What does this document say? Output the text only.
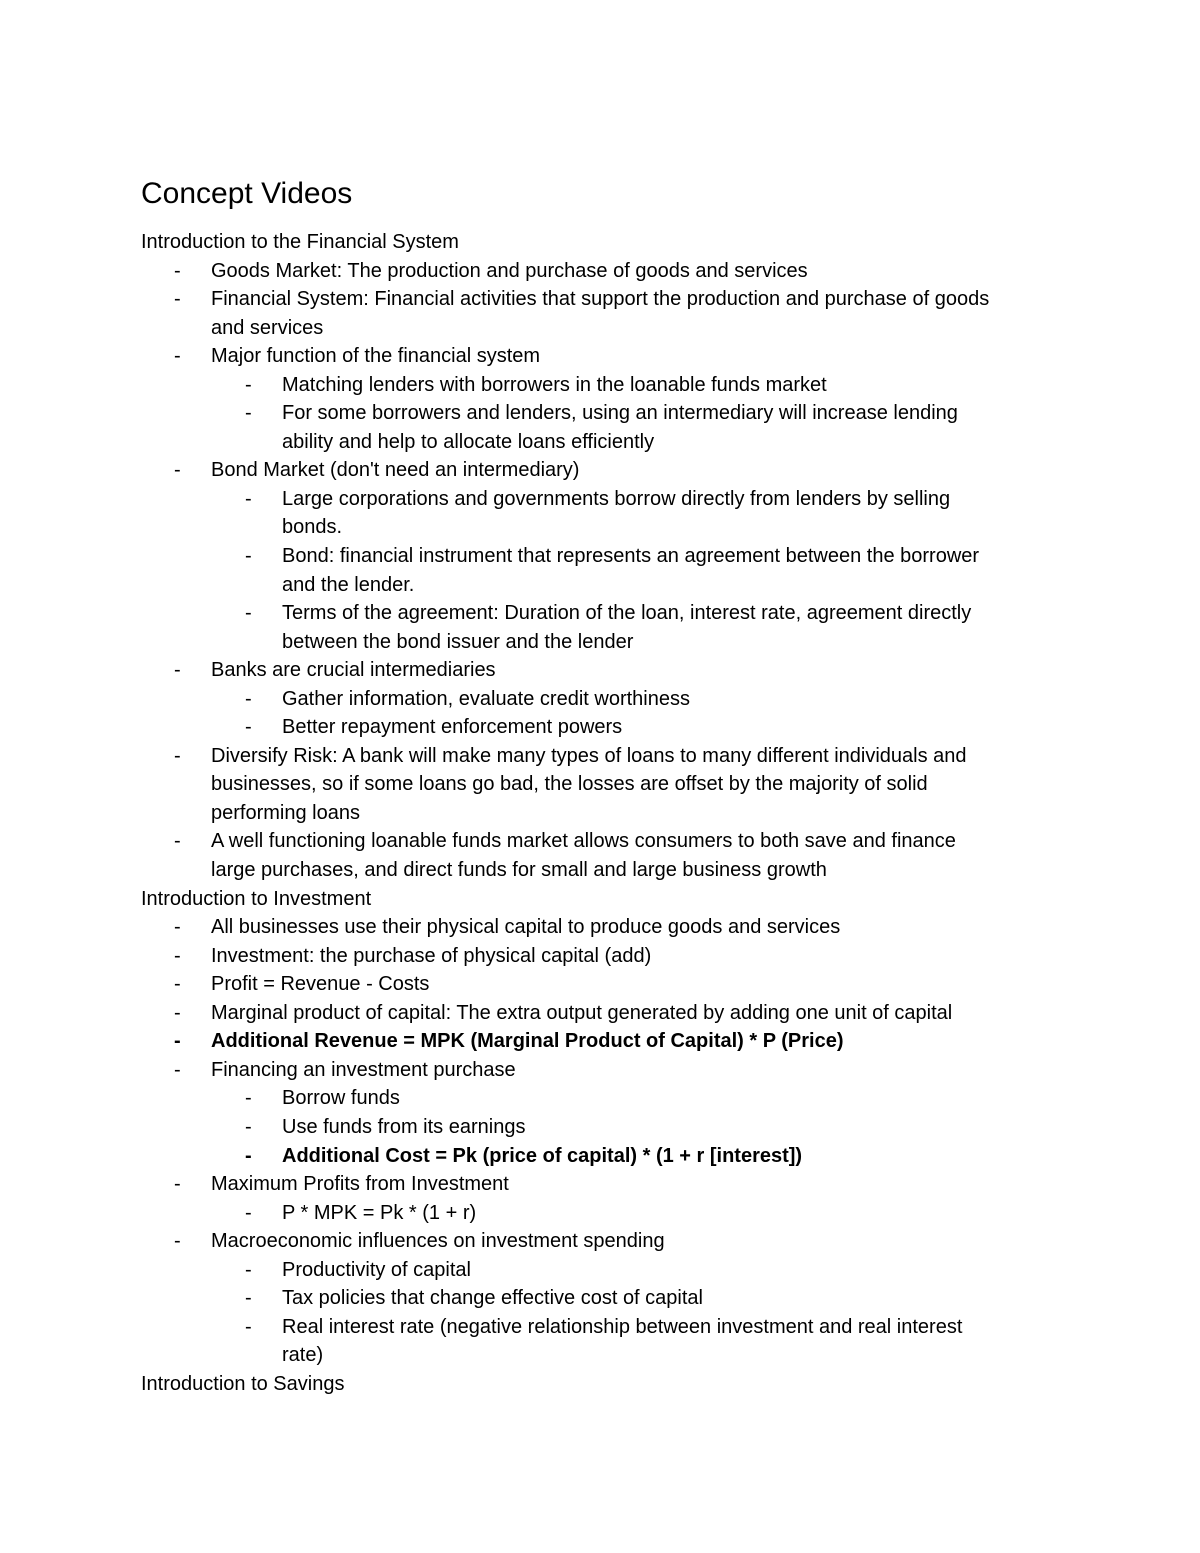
Concept Videos
Introduction to the Financial System
- Goods Market: The production and purchase of goods and services
- Financial System: Financial activities that support the production and purchase of goods
and services
- Major function of the financial system
- Matching lenders with borrowers in the loanable funds market
- For some borrowers and lenders, using an intermediary will increase lending
ability and help to allocate loans efficiently
- Bond Market (don't need an intermediary)
- Large corporations and governments borrow directly from lenders by selling
bonds.
- Bond: financial instrument that represents an agreement between the borrower
and the lender.
- Terms of the agreement: Duration of the loan, interest rate, agreement directly
between the bond issuer and the lender
- Banks are crucial intermediaries
- Gather information, evaluate credit worthiness
- Better repayment enforcement powers
- Diversify Risk: A bank will make many types of loans to many different individuals and
businesses, so if some loans go bad, the losses are offset by the majority of solid
performing loans
- A well functioning loanable funds market allows consumers to both save and finance
large purchases, and direct funds for small and large business growth
Introduction to Investment
- All businesses use their physical capital to produce goods and services
- Investment: the purchase of physical capital (add)
- Profit = Revenue - Costs
- Marginal product of capital: The extra output generated by adding one unit of capital
- Additional Revenue = MPK (Marginal Product of Capital) * P (Price)
- Financing an investment purchase
- Borrow funds
- Use funds from its earnings
- Additional Cost = Pk (price of capital) * (1 + r [interest])
- Maximum Profits from Investment
- P * MPK = Pk * (1 + r)
- Macroeconomic influences on investment spending
- Productivity of capital
- Tax policies that change effective cost of capital
- Real interest rate (negative relationship between investment and real interest
rate)
Introduction to Savings
